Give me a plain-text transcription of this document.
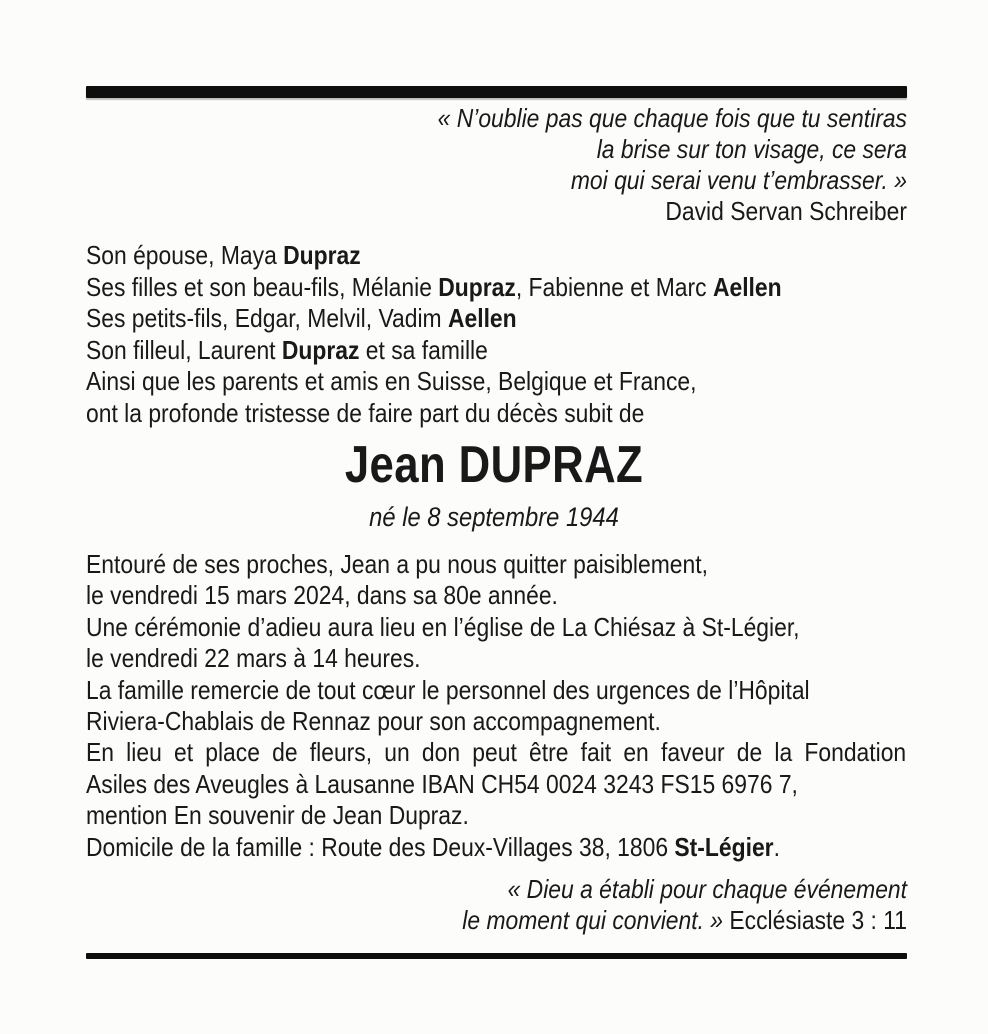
« N’oublie pas que chaque fois que tu sentiras
la brise sur ton visage, ce sera
moi qui serai venu t’embrasser. »
David Servan Schreiber
Son épouse, Maya Dupraz
Ses filles et son beau-fils, Mélanie Dupraz, Fabienne et Marc Aellen
Ses petits-fils, Edgar, Melvil, Vadim Aellen
Son filleul, Laurent Dupraz et sa famille
Ainsi que les parents et amis en Suisse, Belgique et France,
ont la profonde tristesse de faire part du décès subit de
Jean DUPRAZ
né le 8 septembre 1944
Entouré de ses proches, Jean a pu nous quitter paisiblement,
le vendredi 15 mars 2024, dans sa 80e année.
Une cérémonie d’adieu aura lieu en l’église de La Chiésaz à St-Légier,
le vendredi 22 mars à 14 heures.
La famille remercie de tout cœur le personnel des urgences de l’Hôpital
Riviera-Chablais de Rennaz pour son accompagnement.
En lieu et place de fleurs, un don peut être fait en faveur de la Fondation
Asiles des Aveugles à Lausanne IBAN CH54 0024 3243 FS15 6976 7,
mention En souvenir de Jean Dupraz.
Domicile de la famille : Route des Deux-Villages 38, 1806 St-Légier.
« Dieu a établi pour chaque événement
le moment qui convient. » Ecclésiaste 3 : 11
